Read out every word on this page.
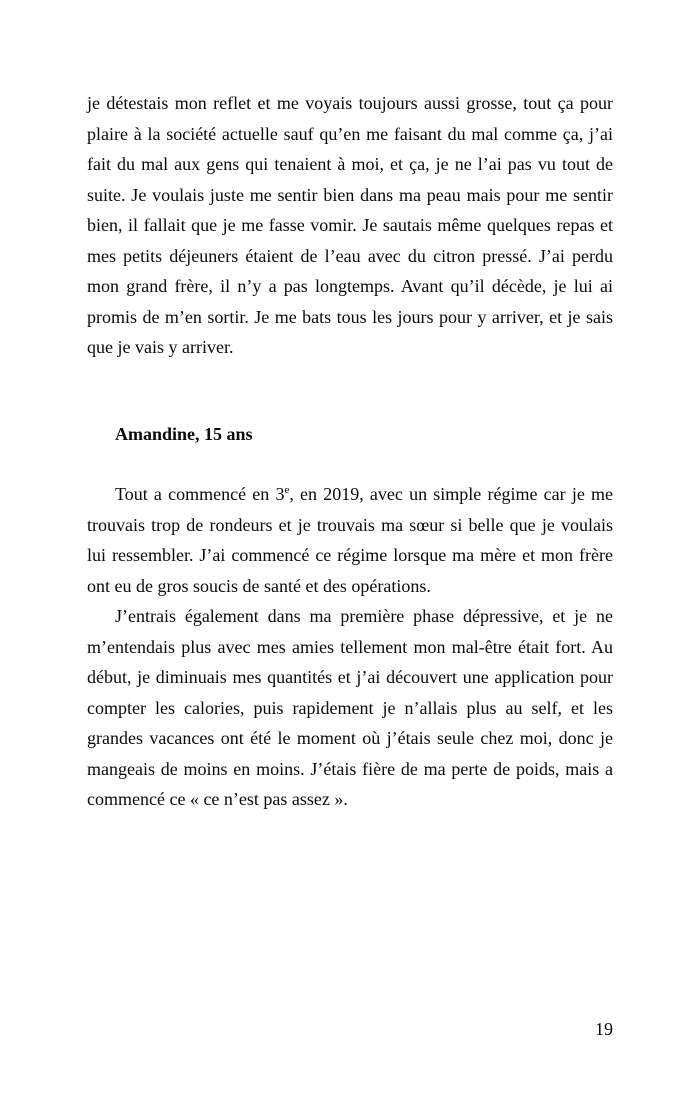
je détestais mon reflet et me voyais toujours aussi grosse, tout ça pour plaire à la société actuelle sauf qu’en me faisant du mal comme ça, j’ai fait du mal aux gens qui tenaient à moi, et ça, je ne l’ai pas vu tout de suite. Je voulais juste me sentir bien dans ma peau mais pour me sentir bien, il fallait que je me fasse vomir. Je sautais même quelques repas et mes petits déjeuners étaient de l’eau avec du citron pressé. J’ai perdu mon grand frère, il n’y a pas longtemps. Avant qu’il décède, je lui ai promis de m’en sortir. Je me bats tous les jours pour y arriver, et je sais que je vais y arriver.

Amandine, 15 ans

Tout a commencé en 3e, en 2019, avec un simple régime car je me trouvais trop de rondeurs et je trouvais ma sœur si belle que je voulais lui ressembler. J’ai commencé ce régime lorsque ma mère et mon frère ont eu de gros soucis de santé et des opérations.

J’entrais également dans ma première phase dépressive, et je ne m’entendais plus avec mes amies tellement mon mal-être était fort. Au début, je diminuais mes quantités et j’ai découvert une application pour compter les calories, puis rapidement je n’allais plus au self, et les grandes vacances ont été le moment où j’étais seule chez moi, donc je mangeais de moins en moins. J’étais fière de ma perte de poids, mais a commencé ce « ce n’est pas assez ».

19
